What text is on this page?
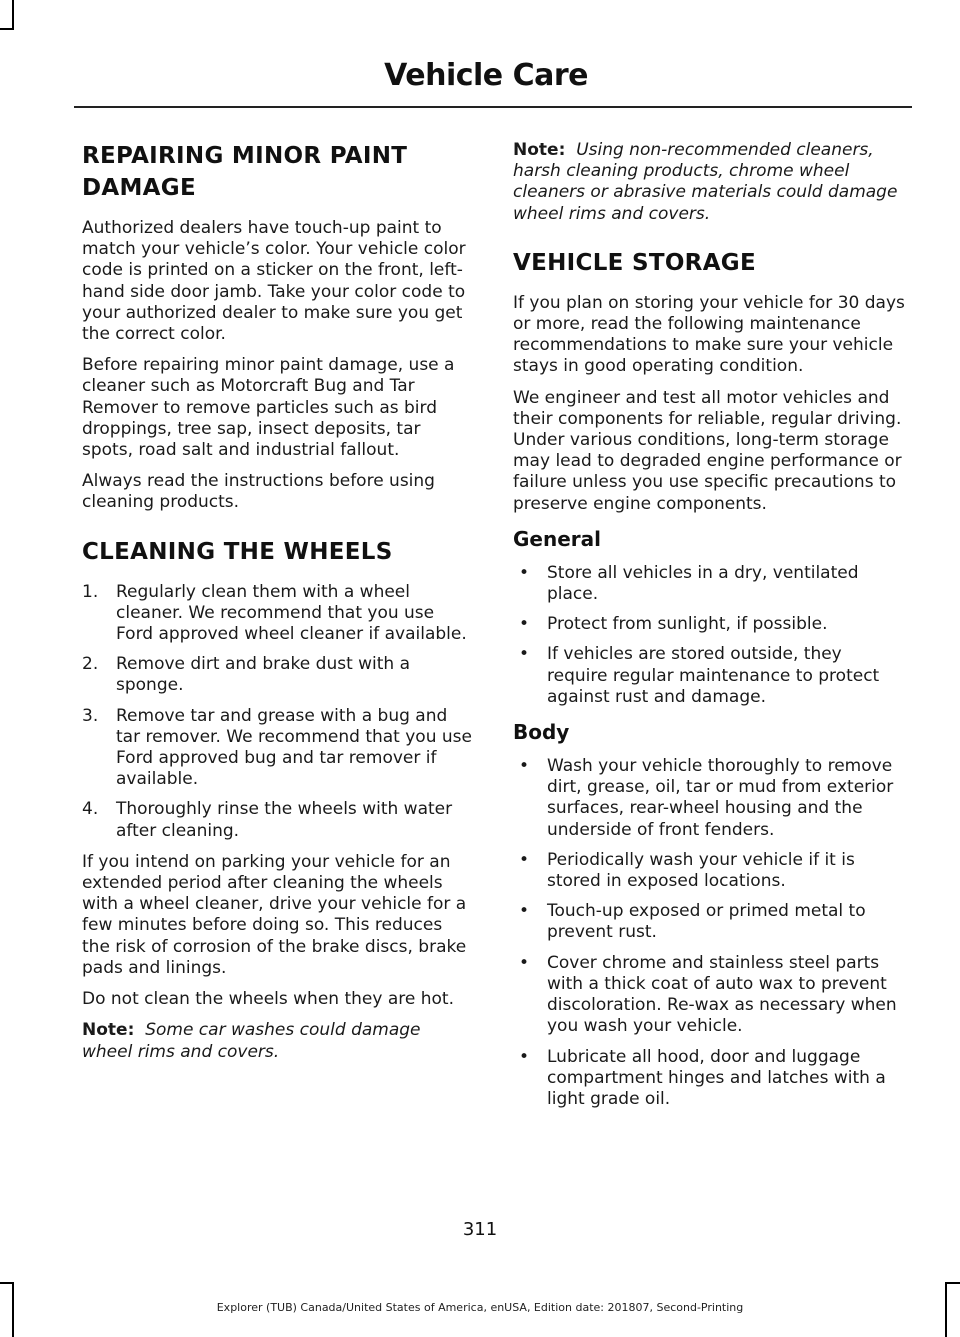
Vehicle Care
REPAIRING MINOR PAINT
DAMAGE

Authorized dealers have touch-up paint to match your vehicle’s color. Your vehicle color code is printed on a sticker on the front, left-hand side door jamb. Take your color code to your authorized dealer to make sure you get the correct color.

Before repairing minor paint damage, use a cleaner such as Motorcraft Bug and Tar Remover to remove particles such as bird droppings, tree sap, insect deposits, tar spots, road salt and industrial fallout.

Always read the instructions before using cleaning products.

CLEANING THE WHEELS
1. Regularly clean them with a wheel cleaner. We recommend that you use Ford approved wheel cleaner if available.
2. Remove dirt and brake dust with a sponge.
3. Remove tar and grease with a bug and tar remover. We recommend that you use Ford approved bug and tar remover if available.
4. Thoroughly rinse the wheels with water after cleaning.

If you intend on parking your vehicle for an extended period after cleaning the wheels with a wheel cleaner, drive your vehicle for a few minutes before doing so. This reduces the risk of corrosion of the brake discs, brake pads and linings.

Do not clean the wheels when they are hot.

Note: Some car washes could damage wheel rims and covers.

Note: Using non-recommended cleaners, harsh cleaning products, chrome wheel cleaners or abrasive materials could damage wheel rims and covers.

VEHICLE STORAGE

If you plan on storing your vehicle for 30 days or more, read the following maintenance recommendations to make sure your vehicle stays in good operating condition.

We engineer and test all motor vehicles and their components for reliable, regular driving. Under various conditions, long-term storage may lead to degraded engine performance or failure unless you use specific precautions to preserve engine components.

General
• Store all vehicles in a dry, ventilated place.
• Protect from sunlight, if possible.
• If vehicles are stored outside, they require regular maintenance to protect against rust and damage.
Body
• Wash your vehicle thoroughly to remove dirt, grease, oil, tar or mud from exterior surfaces, rear-wheel housing and the underside of front fenders.
• Periodically wash your vehicle if it is stored in exposed locations.
• Touch-up exposed or primed metal to prevent rust.
• Cover chrome and stainless steel parts with a thick coat of auto wax to prevent discoloration. Re-wax as necessary when you wash your vehicle.
• Lubricate all hood, door and luggage compartment hinges and latches with a light grade oil.
311
Explorer (TUB) Canada/United States of America, enUSA, Edition date: 201807, Second-Printing
